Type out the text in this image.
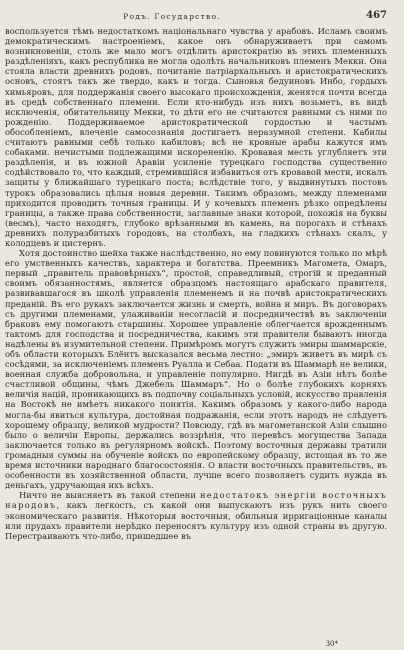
Родъ. Государство.	467

воспользуется тѣмъ недостаткомъ національнаго чувства у арабовъ. Исламъ своимъ демократическимъ настроеніемъ, какое онъ обнаруживаетъ при самомъ возникновеніи, столь же мало могъ отдѣлить аристократію въ этихъ племенныхъ раздѣленіяхъ, какъ республика не могла одолѣть начальниковъ племенъ Мекки. Она стояла власти древнихъ родовъ, почитаніе патріархальныхъ и аристократическихъ основъ, стоятъ такъ же твердо, какъ и тогда. Сыновья бедуиновъ Инбо, гордыхъ химьяровъ, для поддержанія своего высокаго происхожденія, женятся почти всегда въ средѣ собственнаго племени. Если кто-нибудь изъ нихъ возьметъ, въ видѣ исключенія, обитательницу Мекки, то дѣти его не считаются равными съ ними по рожденію. Поддерживаемое аристократической гордостью и частымъ обособленіемъ, влеченіе самосознанія достигаетъ неразумной степени. Кабилы считаютъ равными себѣ только кабиловъ; всѣ не кровные арабы кажутся имъ собаками. нечистыми подлежащими искорененію. Кровавая месть углубляетъ эти раздѣленія, и въ южной Аравіи усиленіе турецкаго господства существенно содѣйствовало то, что каждый, стремившійся избавиться отъ кровавой мести, искалъ защиты у ближайшаго турецкаго поста; вслѣдствіе того, у выдвинутыхъ постовъ турокъ образовались цѣлыя новыя деревни. Такимъ образомъ, между племенами приходится проводить точныя границы. И у кочевыхъ племенъ рѣзко опредѣлены границы, а также права собственности, заглавные знаки которой, похожія на буквы (весмъ), часто находятъ, глубоко врѣзанными въ камень, на порогахъ и стѣнахъ древнихъ полуразбитыхъ городовъ, на столбахъ, на гладкихъ стѣнахъ скалъ, у колодцевъ и цистернъ.

Хотя достоинство шейха также наслѣдственно, но ему повинуются только по мѣрѣ его умственныхъ качествъ, характера и богатства. Преемникъ Магомета, Омаръ, первый „правитель правовѣрныхъ“, простой, справедливый, строгій и преданный своимъ обязанностямъ, является образцомъ настоящаго арабскаго правителя, развивавшагося въ школѣ управленія племенемъ и на почвѣ аристократическихъ преданій. Въ его рукахъ заключается жизнь и смерть, война и миръ. Въ договорахъ съ другими племенами, улаживаніи несогласій и посредничествѣ въ заключеніи браковъ ему помогаютъ старшины. Хорошее управленіе облегчается врожденнымъ тактомъ для господства и посредничества, какимъ эти правители бываютъ иногда надѣлены въ изумительной степени. Примѣромъ могутъ служить эмиры шаммарскіе, объ области которыхъ Блёнтъ высказался весьма лестно: „эмиръ живетъ въ мирѣ съ сосѣдями, за исключеніемъ племенъ Руалла и Себаа. Подати въ Шаммарѣ не велики, военная служба добровольна, и управленіе популярно. Нигдѣ въ Азіи нѣтъ болѣе счастливой общины, чѣмъ Джебель Шаммаръ“. Но о болѣе глубокихъ корняхъ величія націй, проникающихъ въ подпочву соціальныхъ условій, искусство правленія на Востокѣ не имѣетъ никакого понятія. Какимъ образомъ у какого-либо народа могла-бы явиться культура, достойная подражанія, если этотъ народъ не слѣдуетъ хорошему образцу, великой мудрости? Повсюду, гдѣ въ магометанской Азіи слышно было о величіи Европы, держались воззрѣнія, что перевѣсъ могущества Запада заключается только въ регулярномъ войскѣ. Поэтому восточныя державы тратили громадныя суммы на обученіе войскъ по европейскому образцу, истощая въ то же время источники народнаго благосостоянія. О власти восточныхъ правительствъ, въ особенности въ хозяйственной области, лучше всего позволяетъ судить нужда въ деньгахъ, удручающая ихъ всѣхъ.

Ничто не выясняетъ въ такой степени недостатокъ энергіи восточныхъ народовъ, какъ легкость, съ какой они выпускаютъ изъ рукъ нить своего экономическаго развитія. Нѣкоторыя восточныя, обильныя ирригаціонные каналы или прудахъ правители нерѣдко переносятъ культуру изъ одной страны въ другую. Перестраиваютъ что-либо, пришедшее въ

30*
